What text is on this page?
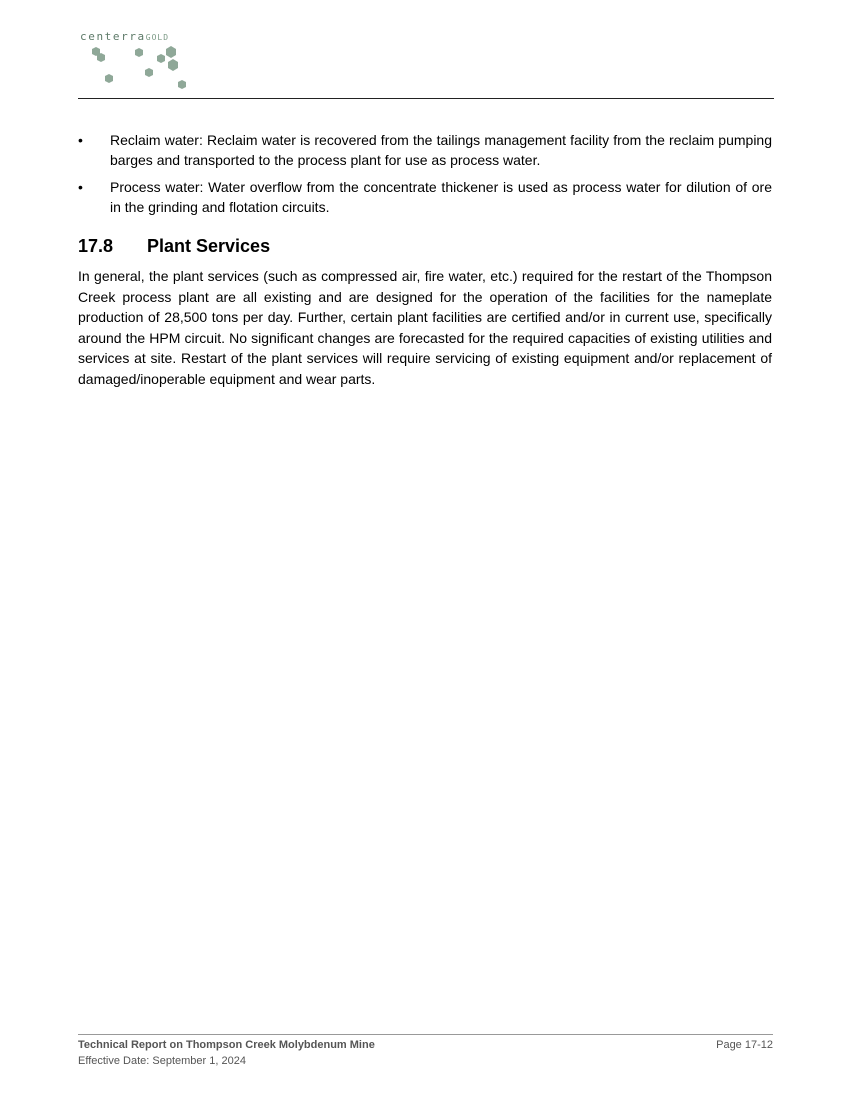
centerraGOLD
• Reclaim water: Reclaim water is recovered from the tailings management facility from the reclaim pumping barges and transported to the process plant for use as process water.
• Process water: Water overflow from the concentrate thickener is used as process water for dilution of ore in the grinding and flotation circuits.
17.8 Plant Services

In general, the plant services (such as compressed air, fire water, etc.) required for the restart of the Thompson Creek process plant are all existing and are designed for the operation of the facilities for the nameplate production of 28,500 tons per day. Further, certain plant facilities are certified and/or in current use, specifically around the HPM circuit. No significant changes are forecasted for the required capacities of existing utilities and services at site. Restart of the plant services will require servicing of existing equipment and/or replacement of damaged/inoperable equipment and wear parts.

Technical Report on Thompson Creek Molybdenum Mine
Effective Date: September 1, 2024
Page 17-12
